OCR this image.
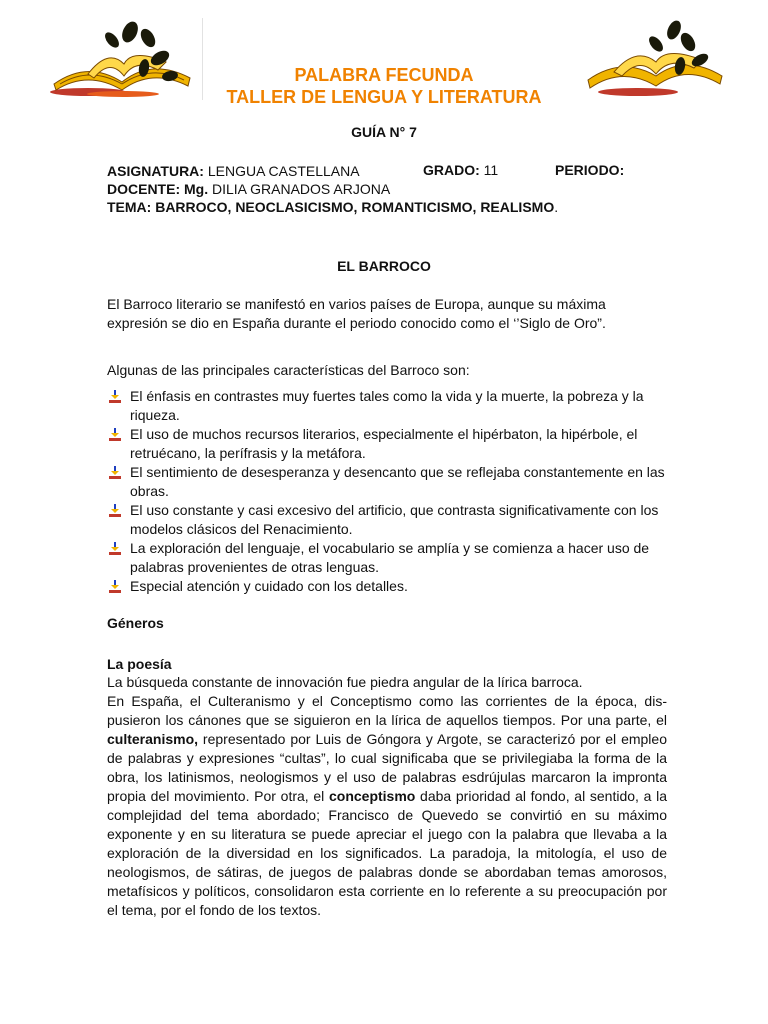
PALABRA FECUNDA
TALLER DE LENGUA Y LITERATURA
GUÍA N° 7
ASIGNATURA: LENGUA CASTELLANA	GRADO: 11	PERIODO:
DOCENTE: Mg. DILIA GRANADOS ARJONA
TEMA: BARROCO, NEOCLASICISMO, ROMANTICISMO, REALISMO.
EL BARROCO
El Barroco literario se manifestó en varios países de Europa, aunque su máxima expresión se dio en España durante el periodo conocido como el ‘’Siglo de Oro”.
Algunas de las principales características del Barroco son:
El énfasis en contrastes muy fuertes tales como la vida y la muerte, la pobreza y la riqueza.
El uso de muchos recursos literarios, especialmente el hipérbaton, la hipérbole, el retruécano, la perífrasis y la metáfora.
El sentimiento de desesperanza y desencanto que se reflejaba constantemente en las obras.
El uso constante y casi excesivo del artificio, que contrasta significativamente con los modelos clásicos del Renacimiento.
La exploración del lenguaje, el vocabulario se amplía y se comienza a hacer uso de palabras provenientes de otras lenguas.
Especial atención y cuidado con los detalles.
Géneros
La poesía
La búsqueda constante de innovación fue piedra angular de la lírica barroca.
En España, el Culteranismo y el Conceptismo como las corrientes de la época, dis-pusieron los cánones que se siguieron en la lírica de aquellos tiempos. Por una parte, el culteranismo, representado por Luis de Góngora y Argote, se caracterizó por el empleo de palabras y expresiones “cultas”, lo cual significaba que se privilegiaba la forma de la obra, los latinismos, neologismos y el uso de palabras esdrújulas marcaron la impronta propia del movimiento. Por otra, el conceptismo daba prioridad al fondo, al sentido, a la complejidad del tema abordado; Francisco de Quevedo se convirtió en su máximo exponente y en su literatura se puede apreciar el juego con la palabra que llevaba a la exploración de la diversidad en los significados. La paradoja, la mitología, el uso de neologismos, de sátiras, de juegos de palabras donde se abordaban temas amorosos, metafísicos y políticos, consolidaron esta corriente en lo referente a su preocupación por el tema, por el fondo de los textos.
